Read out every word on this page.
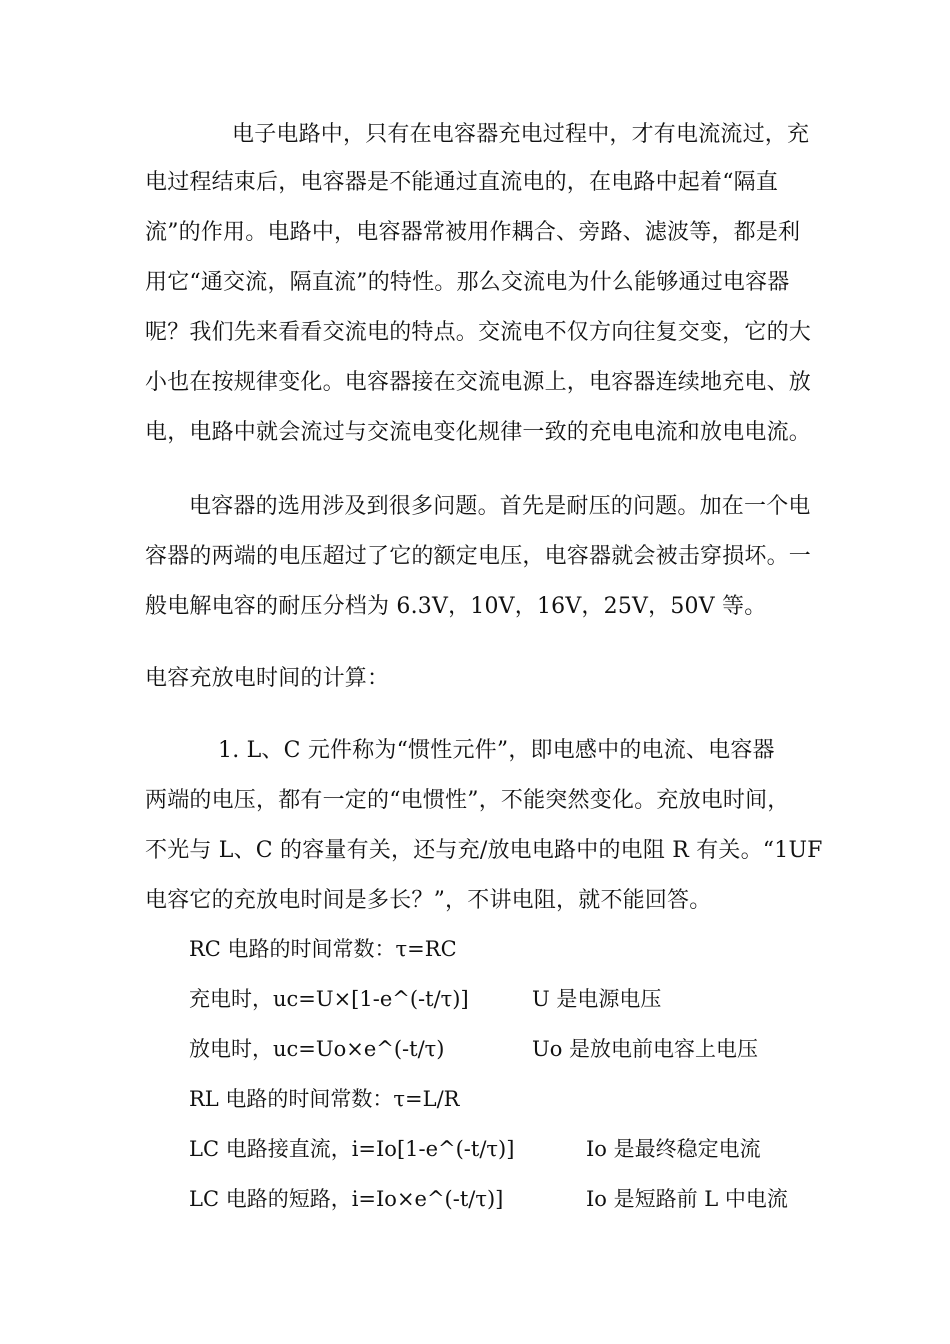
电子电路中，只有在电容器充电过程中，才有电流流过，充
电过程结束后，电容器是不能通过直流电的，在电路中起着“隔直
流”的作用。电路中，电容器常被用作耦合、旁路、滤波等，都是利
用它“通交流，隔直流”的特性。那么交流电为什么能够通过电容器
呢？我们先来看看交流电的特点。交流电不仅方向往复交变，它的大
小也在按规律变化。电容器接在交流电源上，电容器连续地充电、放
电，电路中就会流过与交流电变化规律一致的充电电流和放电电流。
电容器的选用涉及到很多问题。首先是耐压的问题。加在一个电
容器的两端的电压超过了它的额定电压，电容器就会被击穿损坏。一
般电解电容的耐压分档为 6.3V，10V，16V，25V，50V 等。
电容充放电时间的计算：
1. L、C 元件称为“惯性元件”，即电感中的电流、电容器
两端的电压，都有一定的“电惯性”，不能突然变化。充放电时间，
不光与 L、C 的容量有关，还与充/放电电路中的电阻 R 有关。“1UF
电容它的充放电时间是多长？”，不讲电阻，就不能回答。
RC 电路的时间常数：τ=RC
充电时，uc=U×[1-e^(-t/τ)]	U 是电源电压
放电时，uc=Uo×e^(-t/τ)	Uo 是放电前电容上电压
RL 电路的时间常数：τ=L/R
LC 电路接直流，i=Io[1-e^(-t/τ)]	Io 是最终稳定电流
LC 电路的短路，i=Io×e^(-t/τ)]	Io 是短路前 L 中电流
